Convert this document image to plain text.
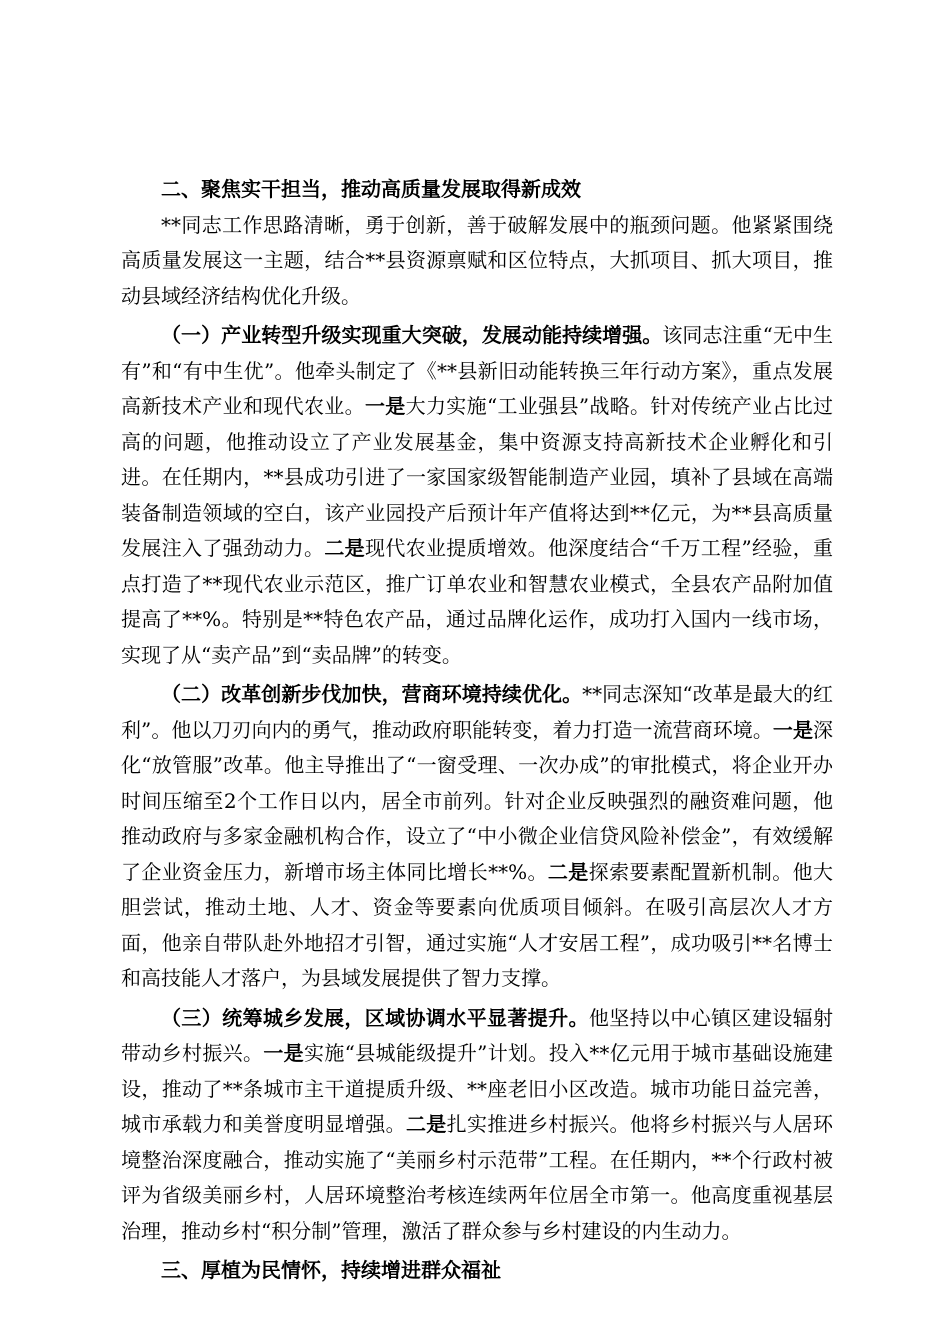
二、聚焦实干担当，推动高质量发展取得新成效

**同志工作思路清晰，勇于创新，善于破解发展中的瓶颈问题。他紧紧围绕高质量发展这一主题，结合**县资源禀赋和区位特点，大抓项目、抓大项目，推动县域经济结构优化升级。

（一）产业转型升级实现重大突破，发展动能持续增强。该同志注重“无中生有”和“有中生优”。他牵头制定了《**县新旧动能转换三年行动方案》，重点发展高新技术产业和现代农业。一是大力实施“工业强县”战略。针对传统产业占比过高的问题，他推动设立了产业发展基金，集中资源支持高新技术企业孵化和引进。在任期内，**县成功引进了一家国家级智能制造产业园，填补了县域在高端装备制造领域的空白，该产业园投产后预计年产值将达到**亿元，为**县高质量发展注入了强劲动力。二是现代农业提质增效。他深度结合“千万工程”经验，重点打造了**现代农业示范区，推广订单农业和智慧农业模式，全县农产品附加值提高了**%。特别是**特色农产品，通过品牌化运作，成功打入国内一线市场，实现了从“卖产品”到“卖品牌”的转变。

（二）改革创新步伐加快，营商环境持续优化。**同志深知“改革是最大的红利”。他以刀刃向内的勇气，推动政府职能转变，着力打造一流营商环境。一是深化“放管服”改革。他主导推出了“一窗受理、一次办成”的审批模式，将企业开办时间压缩至2个工作日以内，居全市前列。针对企业反映强烈的融资难问题，他推动政府与多家金融机构合作，设立了“中小微企业信贷风险补偿金”，有效缓解了企业资金压力，新增市场主体同比增长**%。二是探索要素配置新机制。他大胆尝试，推动土地、人才、资金等要素向优质项目倾斜。在吸引高层次人才方面，他亲自带队赴外地招才引智，通过实施“人才安居工程”，成功吸引**名博士和高技能人才落户，为县域发展提供了智力支撑。

（三）统筹城乡发展，区域协调水平显著提升。他坚持以中心镇区建设辐射带动乡村振兴。一是实施“县城能级提升”计划。投入**亿元用于城市基础设施建设，推动了**条城市主干道提质升级、**座老旧小区改造。城市功能日益完善，城市承载力和美誉度明显增强。二是扎实推进乡村振兴。他将乡村振兴与人居环境整治深度融合，推动实施了“美丽乡村示范带”工程。在任期内，**个行政村被评为省级美丽乡村，人居环境整治考核连续两年位居全市第一。他高度重视基层治理，推动乡村“积分制”管理，激活了群众参与乡村建设的内生动力。

三、厚植为民情怀，持续增进群众福祉
